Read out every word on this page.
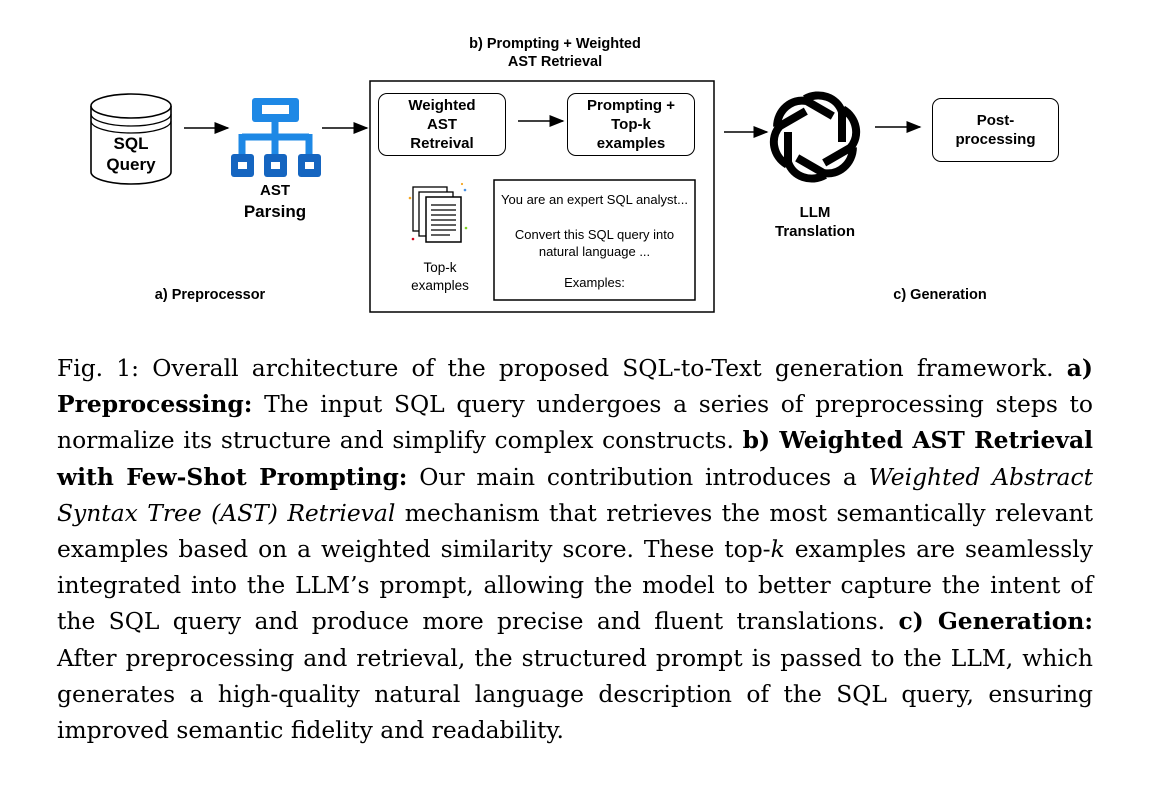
SQL
Query
AST
Parsing
a) Preprocessor
b) Prompting + Weighted
AST Retrieval
Weighted
AST
Retreival
Prompting +
Top-k
examples
Top-k
examples
You are an expert SQL analyst...
Convert this SQL query into
natural language ...
Examples:
LLM
Translation
Post-
processing
c) Generation
Fig. 1: Overall architecture of the proposed SQL-to-Text generation framework. a) Preprocessing: The input SQL query undergoes a series of preprocessing steps to normalize its structure and simplify complex constructs. b) Weighted AST Retrieval with Few-Shot Prompting: Our main contribution introduces a Weighted Abstract Syntax Tree (AST) Retrieval mechanism that retrieves the most semantically relevant examples based on a weighted similarity score. These top-k examples are seamlessly integrated into the LLM’s prompt, allowing the model to better capture the intent of the SQL query and produce more precise and fluent translations. c) Generation: After preprocessing and retrieval, the structured prompt is passed to the LLM, which generates a high-quality natural language description of the SQL query, ensuring improved semantic fidelity and readability.
